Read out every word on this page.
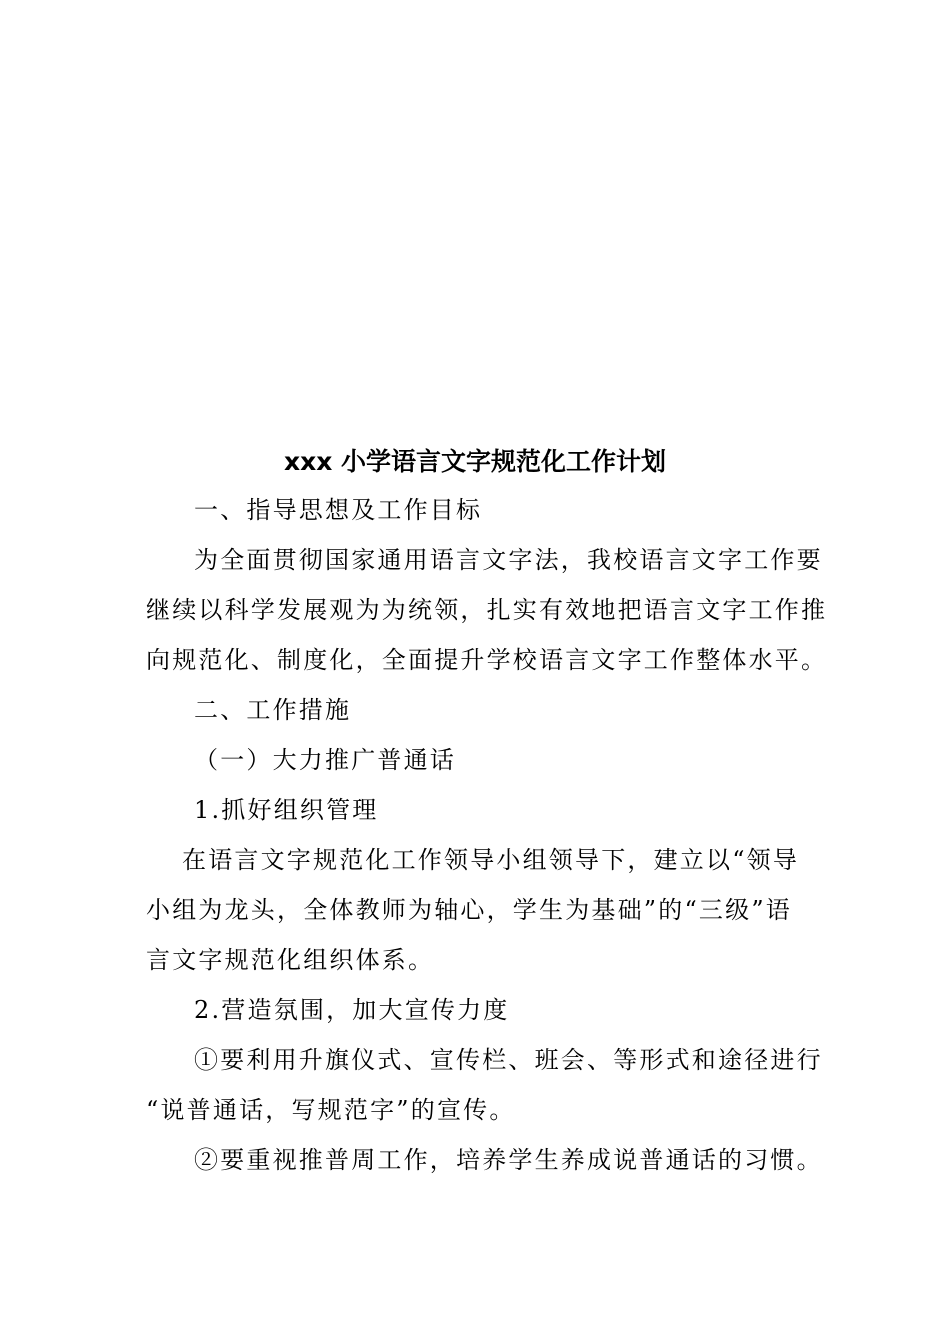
xxx 小学语言文字规范化工作计划
一、指导思想及工作目标
为全面贯彻国家通用语言文字法，我校语言文字工作要
继续以科学发展观为为统领，扎实有效地把语言文字工作推
向规范化、制度化，全面提升学校语言文字工作整体水平。
二、工作措施
（一）大力推广普通话
1.抓好组织管理
在语言文字规范化工作领导小组领导下，建立以“领导
小组为龙头，全体教师为轴心，学生为基础”的“三级”语
言文字规范化组织体系。
2.营造氛围，加大宣传力度
①要利用升旗仪式、宣传栏、班会、等形式和途径进行
“说普通话，写规范字”的宣传。
②要重视推普周工作，培养学生养成说普通话的习惯。
